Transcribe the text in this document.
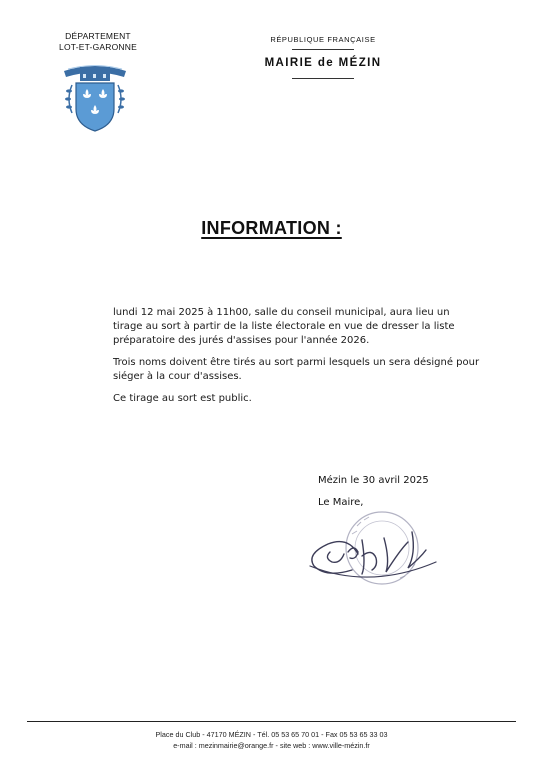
DÉPARTEMENT
LOT-ET-GARONNE
RÉPUBLIQUE FRANÇAISE
MAIRIE de MÉZIN
INFORMATION :

lundi 12 mai 2025 à 11h00, salle du conseil municipal, aura lieu un tirage au sort à partir de la liste électorale en vue de dresser la liste préparatoire des jurés d'assises pour l'année 2026.

Trois noms doivent être tirés au sort parmi lesquels un sera désigné pour siéger à la cour d'assises.

Ce tirage au sort est public.

Mézin le 30 avril 2025
Le Maire,
Place du Club - 47170 MÉZIN - Tél. 05 53 65 70 01 - Fax 05 53 65 33 03
e-mail : mezinmairie@orange.fr - site web : www.ville-mézin.fr
